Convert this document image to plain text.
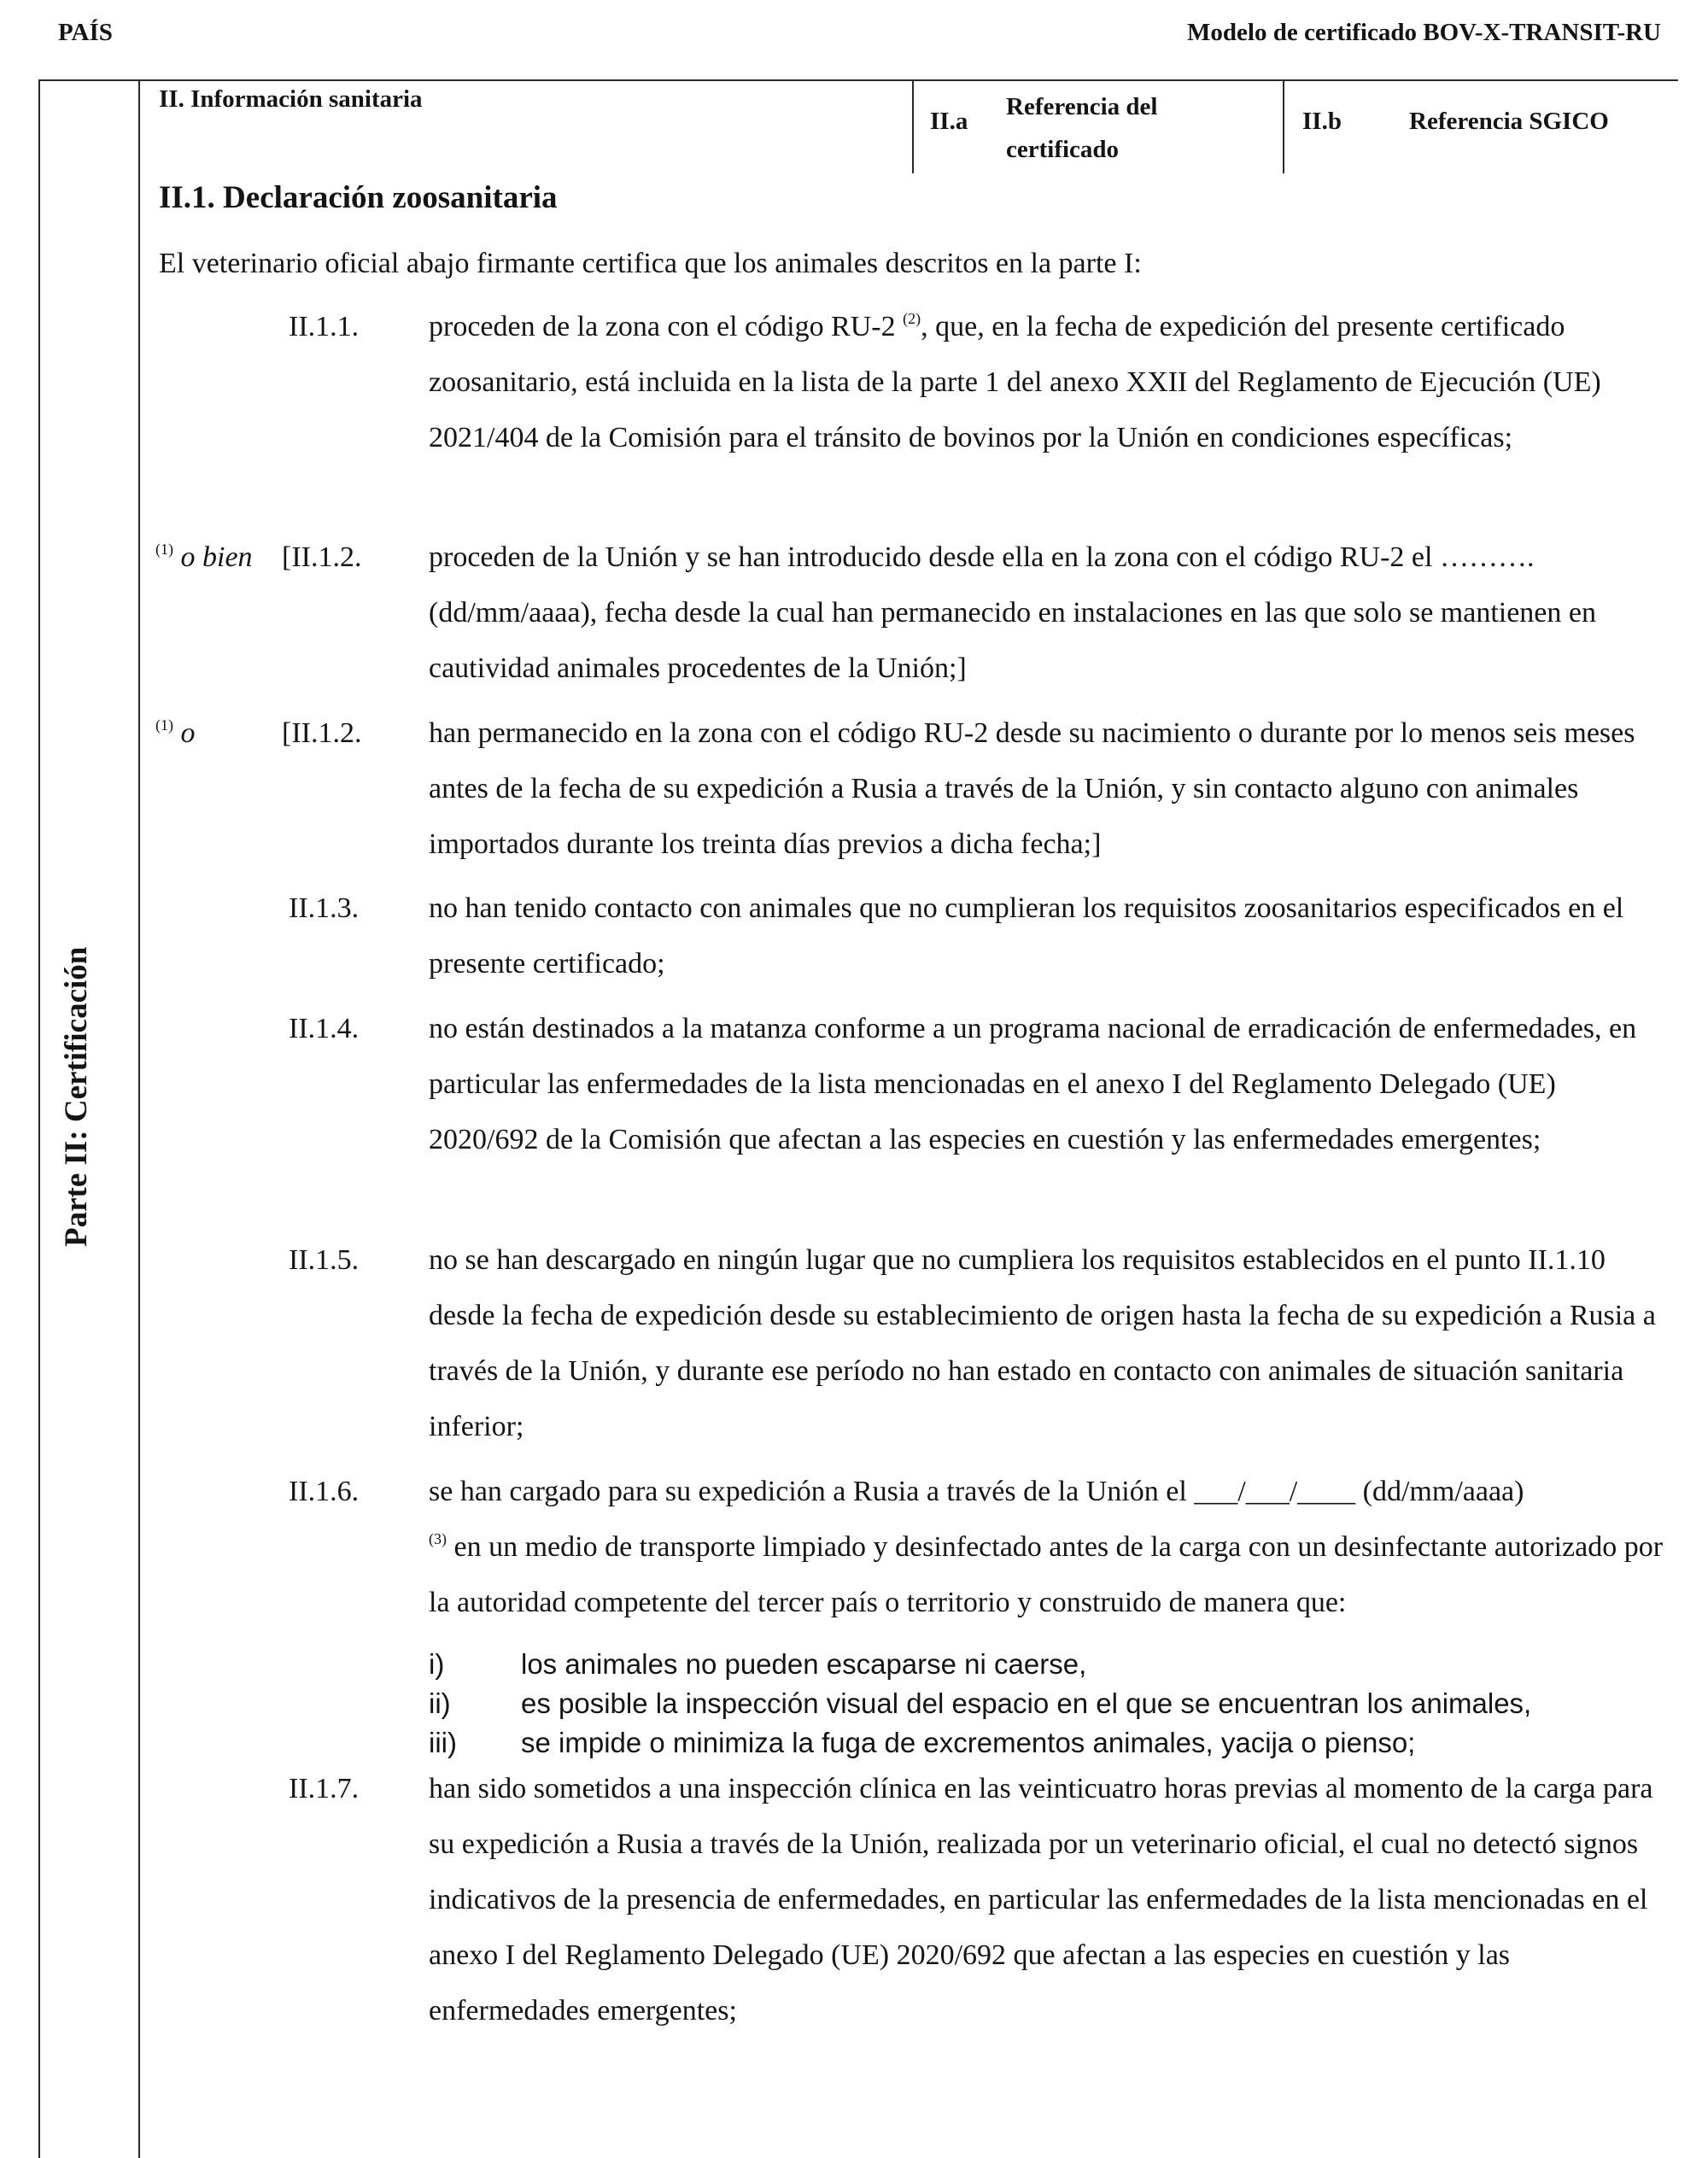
PAÍS	Modelo de certificado BOV-X-TRANSIT-RU
Parte II: Certificación
II. Información sanitaria
II.a
Referencia del
certificado
II.b	Referencia SGICO
II.1. Declaración zoosanitaria
El veterinario oficial abajo firmante certifica que los animales descritos en la parte I:
II.1.1. proceden de la zona con el código RU-2 $^{(2)}$, que, en la fecha de expedición del presente certificado zoosanitario, está incluida en la lista de la parte 1 del anexo XXII del Reglamento de Ejecución (UE) 2021/404 de la Comisión para el tránsito de bovinos por la Unión en condiciones específicas;
$^{(1)}$ o bien [II.1.2. proceden de la Unión y se han introducido desde ella en la zona con el código RU-2 el ………. (dd/mm/aaaa), fecha desde la cual han permanecido en instalaciones en las que solo se mantienen en cautividad animales procedentes de la Unión;]
$^{(1)}$ o	[II.1.2. han permanecido en la zona con el código RU-2 desde su nacimiento o durante por lo menos seis meses antes de la fecha de su expedición a Rusia a través de la Unión, y sin contacto alguno con animales importados durante los treinta días previos a dicha fecha;]
II.1.3. no han tenido contacto con animales que no cumplieran los requisitos zoosanitarios especificados en el presente certificado;
II.1.4. no están destinados a la matanza conforme a un programa nacional de erradicación de enfermedades, en particular las enfermedades de la lista mencionadas en el anexo I del Reglamento Delegado (UE) 2020/692 de la Comisión que afectan a las especies en cuestión y las enfermedades emergentes;
II.1.5. no se han descargado en ningún lugar que no cumpliera los requisitos establecidos en el punto II.1.10 desde la fecha de expedición desde su establecimiento de origen hasta la fecha de su expedición a Rusia a través de la Unión, y durante ese período no han estado en contacto con animales de situación sanitaria inferior;
II.1.6. se han cargado para su expedición a Rusia a través de la Unión el ___/___/____ (dd/mm/aaaa)
$^{(3)}$ en un medio de transporte limpiado y desinfectado antes de la carga con un desinfectante autorizado por la autoridad competente del tercer país o territorio y construido de manera que:
i)	los animales no pueden escaparse ni caerse,
ii) es posible la inspección visual del espacio en el que se encuentran los animales,
iii) se impide o minimiza la fuga de excrementos animales, yacija o pienso;
II.1.7. han sido sometidos a una inspección clínica en las veinticuatro horas previas al momento de la carga para su expedición a Rusia a través de la Unión, realizada por un veterinario oficial, el cual no detectó signos indicativos de la presencia de enfermedades, en particular las enfermedades de la lista mencionadas en el anexo I del Reglamento Delegado (UE) 2020/692 que afectan a las especies en cuestión y las enfermedades emergentes;
